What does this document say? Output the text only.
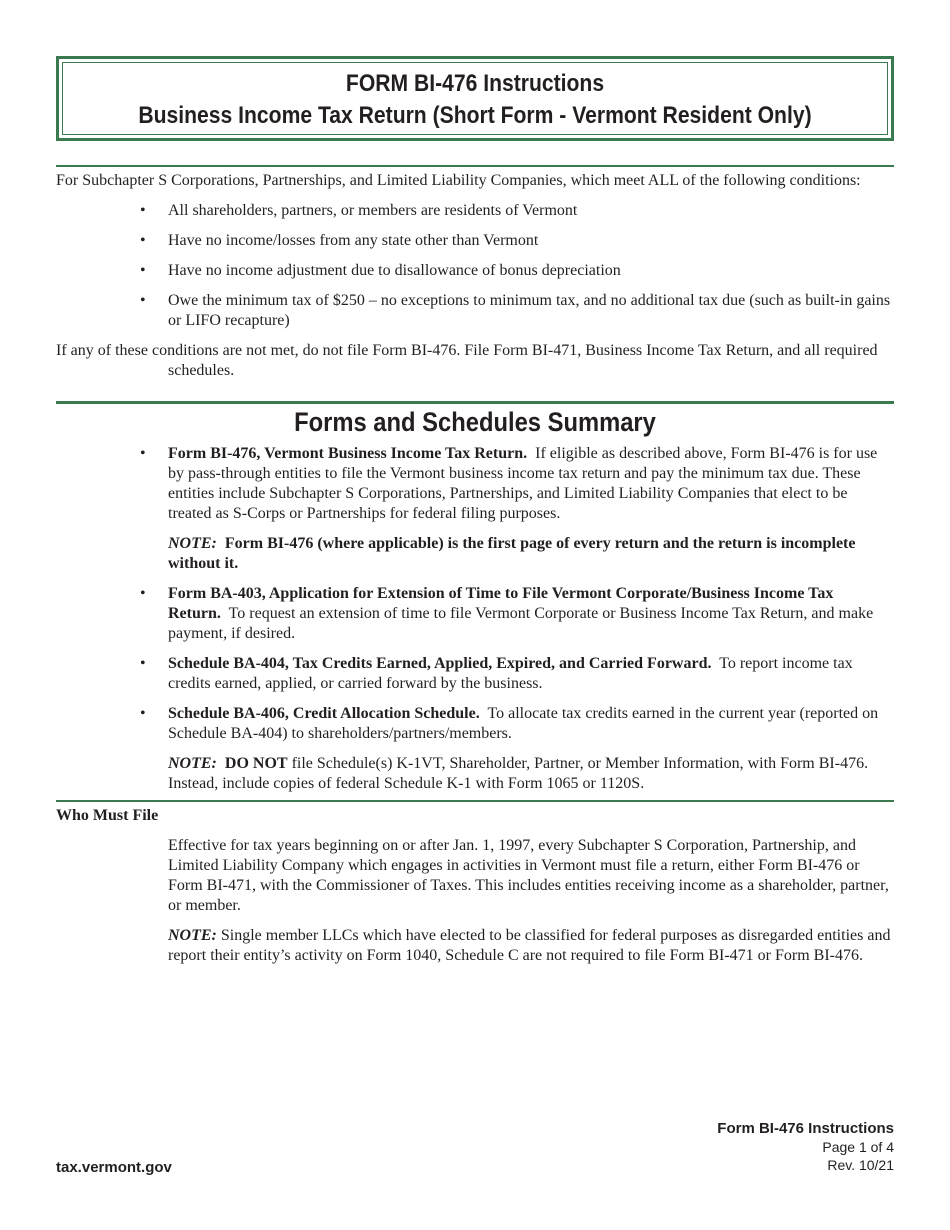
FORM BI-476 Instructions
Business Income Tax Return (Short Form - Vermont Resident Only)
For Subchapter S Corporations, Partnerships, and Limited Liability Companies, which meet ALL of the following conditions:
• All shareholders, partners, or members are residents of Vermont
• Have no income/losses from any state other than Vermont
• Have no income adjustment due to disallowance of bonus depreciation
• Owe the minimum tax of $250 – no exceptions to minimum tax, and no additional tax due (such as built-in gains or LIFO recapture)
If any of these conditions are not met, do not file Form BI-476. File Form BI-471, Business Income Tax Return, and all required schedules.
Forms and Schedules Summary
• Form BI-476, Vermont Business Income Tax Return. If eligible as described above, Form BI-476 is for use by pass-through entities to file the Vermont business income tax return and pay the minimum tax due. These entities include Subchapter S Corporations, Partnerships, and Limited Liability Companies that elect to be treated as S-Corps or Partnerships for federal filing purposes.
NOTE: Form BI-476 (where applicable) is the first page of every return and the return is incomplete without it.
• Form BA-403, Application for Extension of Time to File Vermont Corporate/Business Income Tax Return. To request an extension of time to file Vermont Corporate or Business Income Tax Return, and make payment, if desired.
• Schedule BA-404, Tax Credits Earned, Applied, Expired, and Carried Forward. To report income tax credits earned, applied, or carried forward by the business.
• Schedule BA-406, Credit Allocation Schedule. To allocate tax credits earned in the current year (reported on Schedule BA-404) to shareholders/partners/members.
NOTE: DO NOT file Schedule(s) K-1VT, Shareholder, Partner, or Member Information, with Form BI-476. Instead, include copies of federal Schedule K-1 with Form 1065 or 1120S.
Who Must File
Effective for tax years beginning on or after Jan. 1, 1997, every Subchapter S Corporation, Partnership, and Limited Liability Company which engages in activities in Vermont must file a return, either Form BI-476 or Form BI-471, with the Commissioner of Taxes. This includes entities receiving income as a shareholder, partner, or member.
NOTE: Single member LLCs which have elected to be classified for federal purposes as disregarded entities and report their entity’s activity on Form 1040, Schedule C are not required to file Form BI-471 or Form BI-476.
tax.vermont.gov
Form BI-476 Instructions
Page 1 of 4
Rev. 10/21
